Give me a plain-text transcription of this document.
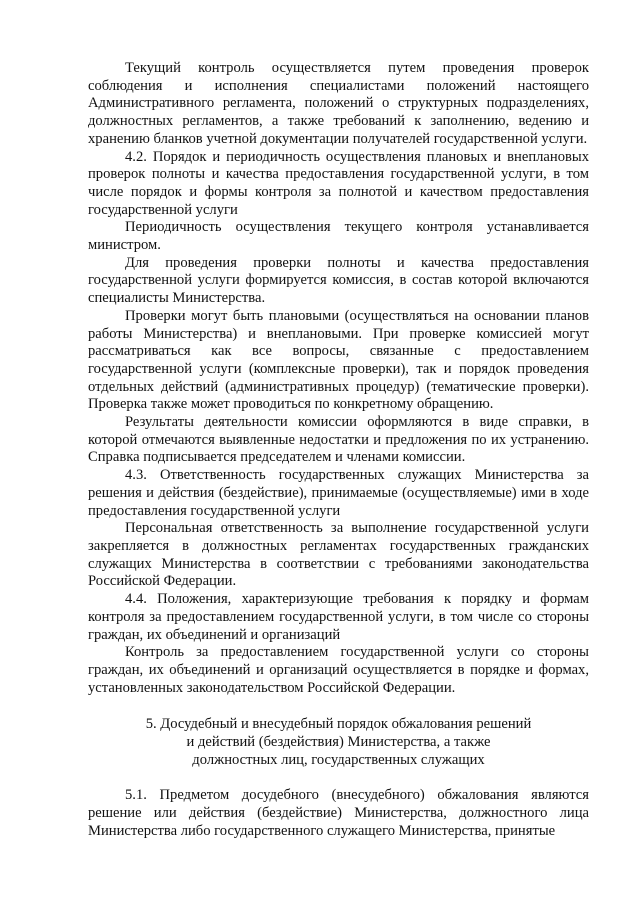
Текущий контроль осуществляется путем проведения проверок соблюдения и исполнения специалистами положений настоящего Административного регламента, положений о структурных подразделениях, должностных регламентов, а также требований к заполнению, ведению и хранению бланков учетной документации получателей государственной услуги.

4.2. Порядок и периодичность осуществления плановых и внеплановых проверок полноты и качества предоставления государственной услуги, в том числе порядок и формы контроля за полнотой и качеством предоставления государственной услуги

Периодичность осуществления текущего контроля устанавливается министром.

Для проведения проверки полноты и качества предоставления государственной услуги формируется комиссия, в состав которой включаются специалисты Министерства.

Проверки могут быть плановыми (осуществляться на основании планов работы Министерства) и внеплановыми. При проверке комиссией могут рассматриваться как все вопросы, связанные с предоставлением государственной услуги (комплексные проверки), так и порядок проведения отдельных действий (административных процедур) (тематические проверки). Проверка также может проводиться по конкретному обращению.

Результаты деятельности комиссии оформляются в виде справки, в которой отмечаются выявленные недостатки и предложения по их устранению. Справка подписывается председателем и членами комиссии.

4.3. Ответственность государственных служащих Министерства за решения и действия (бездействие), принимаемые (осуществляемые) ими в ходе предоставления государственной услуги

Персональная ответственность за выполнение государственной услуги закрепляется в должностных регламентах государственных гражданских служащих Министерства в соответствии с требованиями законодательства Российской Федерации.

4.4. Положения, характеризующие требования к порядку и формам контроля за предоставлением государственной услуги, в том числе со стороны граждан, их объединений и организаций

Контроль за предоставлением государственной услуги со стороны граждан, их объединений и организаций осуществляется в порядке и формах, установленных законодательством Российской Федерации.

5. Досудебный и внесудебный порядок обжалования решений
и действий (бездействия) Министерства, а также
должностных лиц, государственных служащих

5.1. Предметом досудебного (внесудебного) обжалования являются решение или действия (бездействие) Министерства, должностного лица Министерства либо государственного служащего Министерства, принятые
